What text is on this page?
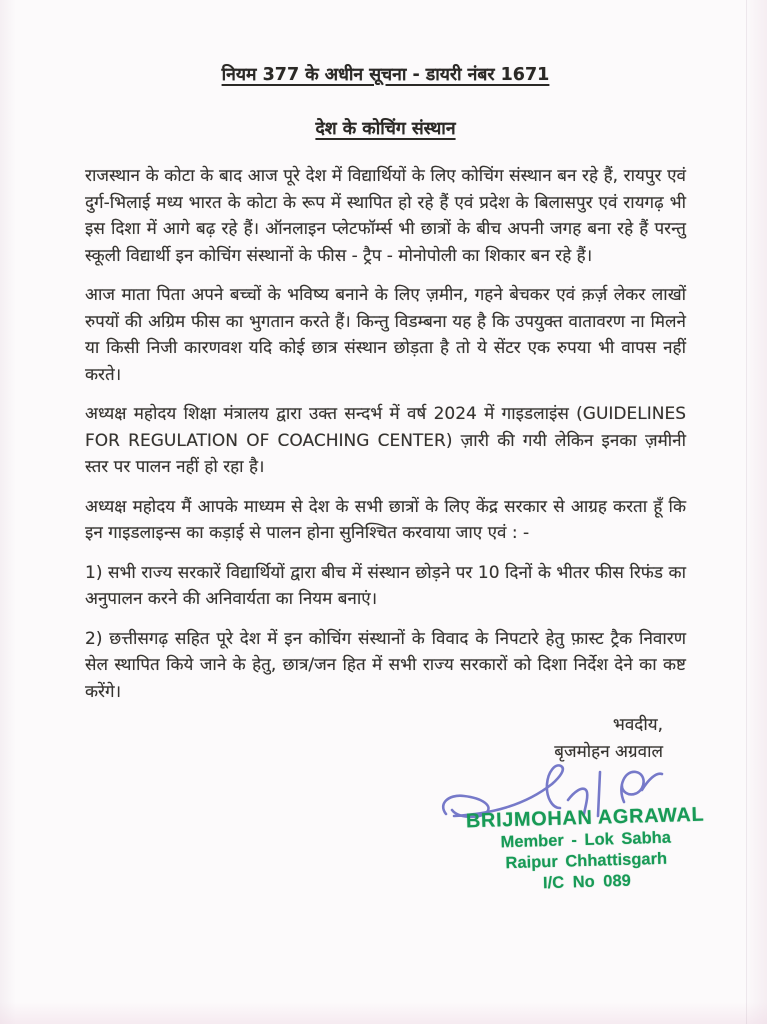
नियम 377 के अधीन सूचना - डायरी नंबर 1671
देश के कोचिंग संस्थान
राजस्थान के कोटा के बाद आज पूरे देश में विद्यार्थियों के लिए कोचिंग संस्थान बन रहे हैं, रायपुर एवं दुर्ग-भिलाई मध्य भारत के कोटा के रूप में स्थापित हो रहे हैं एवं प्रदेश के बिलासपुर एवं रायगढ़ भी इस दिशा में आगे बढ़ रहे हैं। ऑनलाइन प्लेटफॉर्म्स भी छात्रों के बीच अपनी जगह बना रहे हैं परन्तु स्कूली विद्यार्थी इन कोचिंग संस्थानों के फीस - ट्रैप - मोनोपोली का शिकार बन रहे हैं।
आज माता पिता अपने बच्चों के भविष्य बनाने के लिए ज़मीन, गहने बेचकर एवं क़र्ज़ लेकर लाखों रुपयों की अग्रिम फीस का भुगतान करते हैं। किन्तु विडम्बना यह है कि उपयुक्त वातावरण ना मिलने या किसी निजी कारणवश यदि कोई छात्र संस्थान छोड़ता है तो ये सेंटर एक रुपया भी वापस नहीं करते।
अध्यक्ष महोदय शिक्षा मंत्रालय द्वारा उक्त सन्दर्भ में वर्ष 2024 में गाइडलाइंस (GUIDELINES FOR REGULATION OF COACHING CENTER) ज़ारी की गयी लेकिन इनका ज़मीनी स्तर पर पालन नहीं हो रहा है।
अध्यक्ष महोदय मैं आपके माध्यम से देश के सभी छात्रों के लिए केंद्र सरकार से आग्रह करता हूँ कि इन गाइडलाइन्स का कड़ाई से पालन होना सुनिश्चित करवाया जाए एवं : -
1) सभी राज्य सरकारें विद्यार्थियों द्वारा बीच में संस्थान छोड़ने पर 10 दिनों के भीतर फीस रिफंड का अनुपालन करने की अनिवार्यता का नियम बनाएं।
2) छत्तीसगढ़ सहित पूरे देश में इन कोचिंग संस्थानों के विवाद के निपटारे हेतु फ़ास्ट ट्रैक निवारण सेल स्थापित किये जाने के हेतु, छात्र/जन हित में सभी राज्य सरकारों को दिशा निर्देश देने का कष्ट करेंगे।
भवदीय,
बृजमोहन अग्रवाल
BRIJMOHAN AGRAWAL
Member - Lok Sabha
Raipur Chhattisgarh
I/C No 089
